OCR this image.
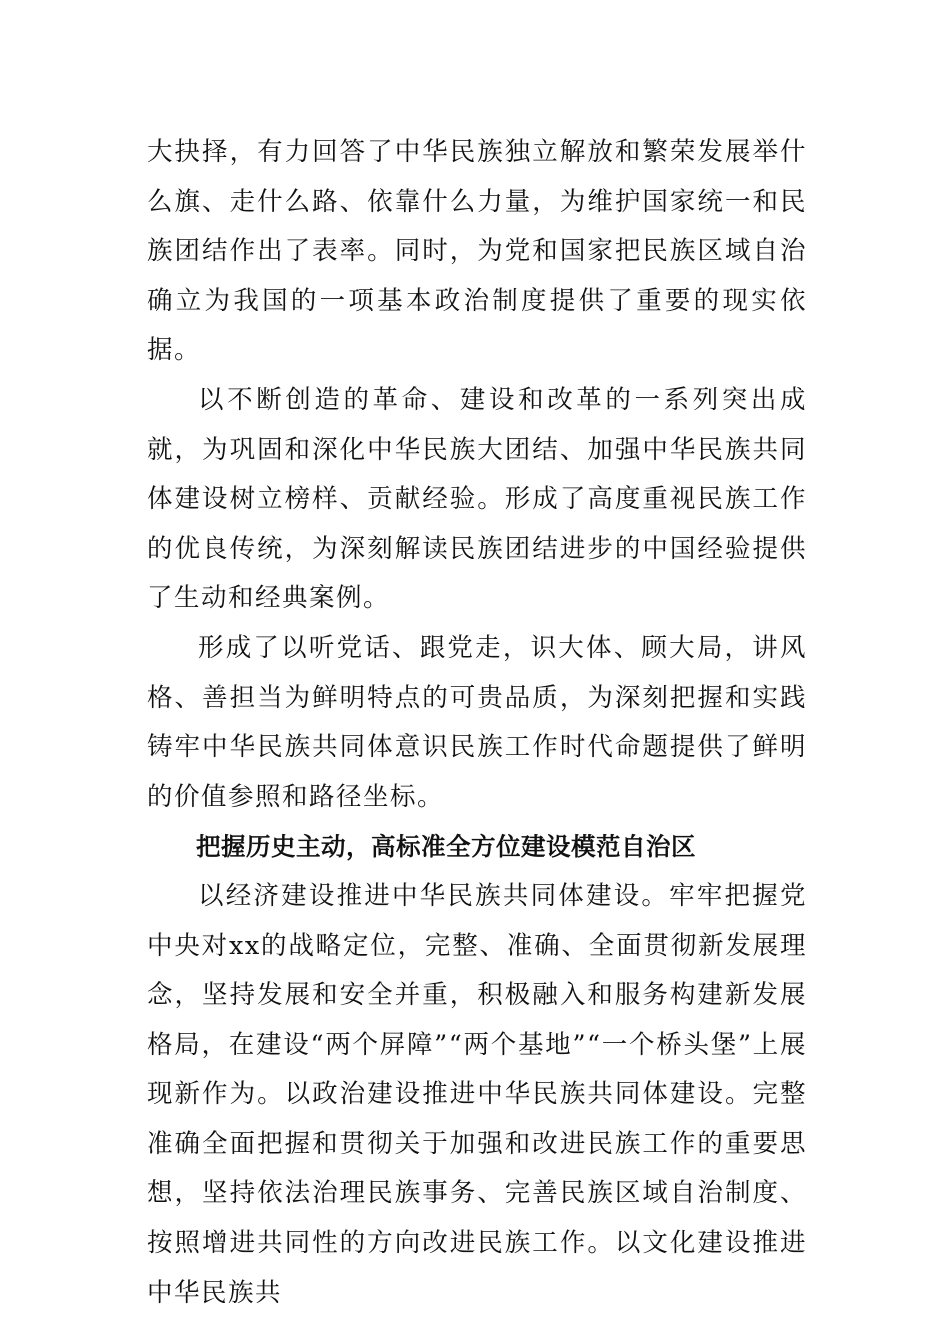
大抉择，有力回答了中华民族独立解放和繁荣发展举什么旗、走什么路、依靠什么力量，为维护国家统一和民族团结作出了表率。同时，为党和国家把民族区域自治确立为我国的一项基本政治制度提供了重要的现实依据。

以不断创造的革命、建设和改革的一系列突出成就，为巩固和深化中华民族大团结、加强中华民族共同体建设树立榜样、贡献经验。形成了高度重视民族工作的优良传统，为深刻解读民族团结进步的中国经验提供了生动和经典案例。

形成了以听党话、跟党走，识大体、顾大局，讲风格、善担当为鲜明特点的可贵品质，为深刻把握和实践铸牢中华民族共同体意识民族工作时代命题提供了鲜明的价值参照和路径坐标。

把握历史主动，高标准全方位建设模范自治区

以经济建设推进中华民族共同体建设。牢牢把握党中央对xx的战略定位，完整、准确、全面贯彻新发展理念，坚持发展和安全并重，积极融入和服务构建新发展格局，在建设“两个屏障”“两个基地”“一个桥头堡”上展现新作为。以政治建设推进中华民族共同体建设。完整准确全面把握和贯彻关于加强和改进民族工作的重要思想，坚持依法治理民族事务、完善民族区域自治制度、按照增进共同性的方向改进民族工作。以文化建设推进中华民族共
